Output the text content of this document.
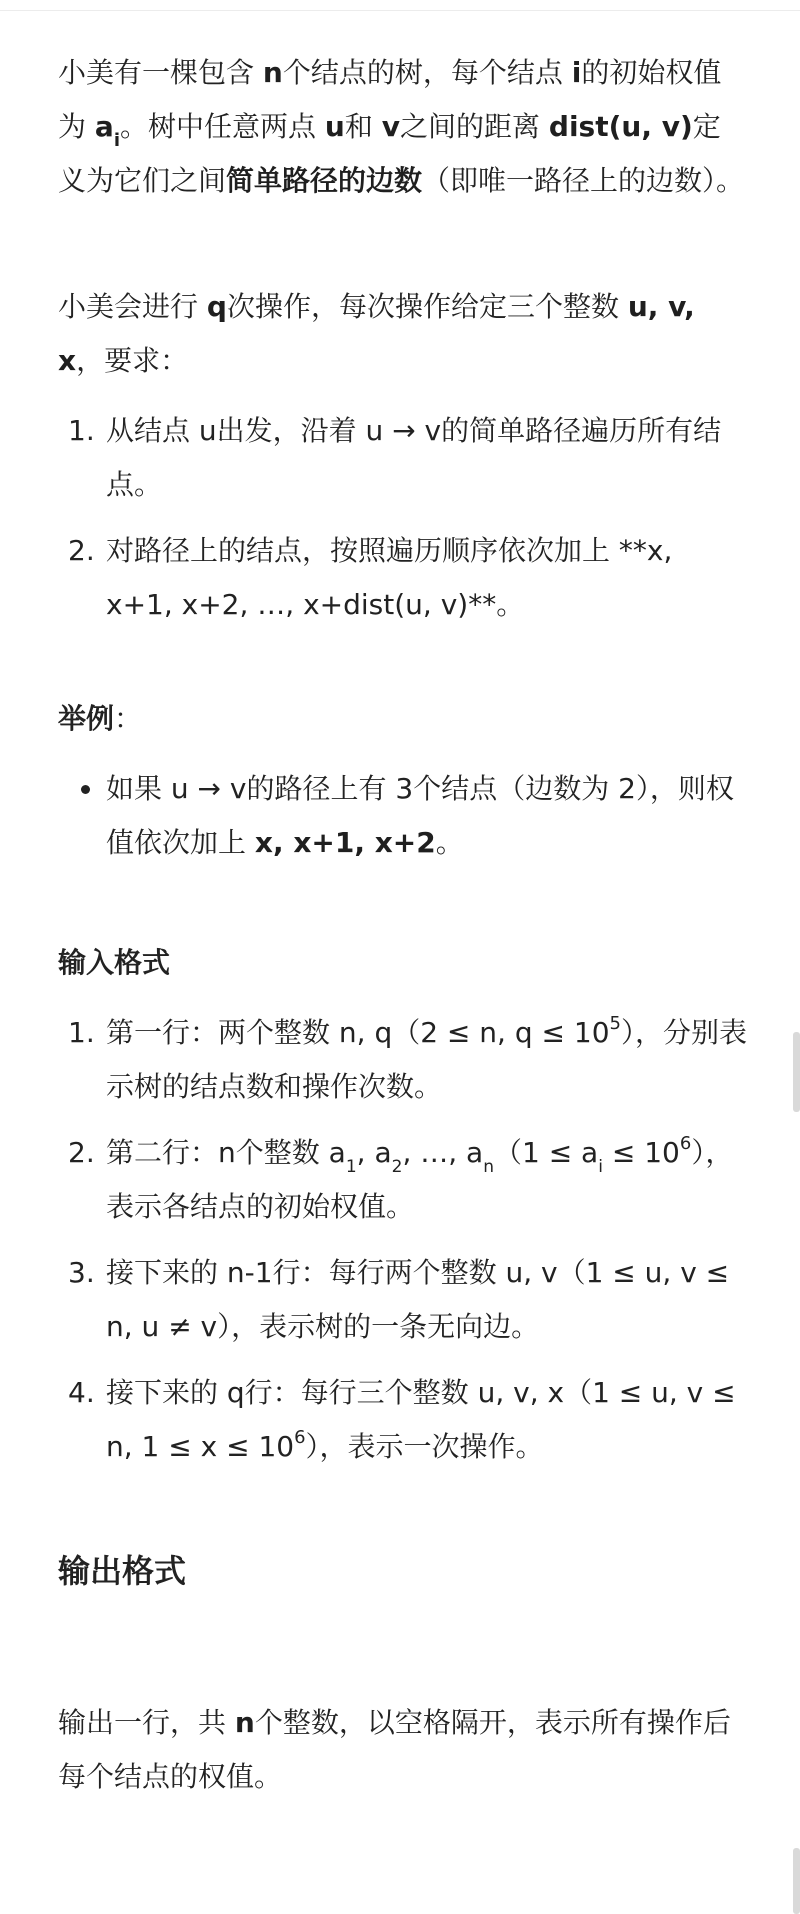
小美有一棵包含 n个结点的树，每个结点 i的初始权值为 $a_i$。树中任意两点 u和 v之间的距离 dist(u, v)定义为它们之间简单路径的边数（即唯一路径上的边数）。

小美会进行 q次操作，每次操作给定三个整数 u, v, x，要求：

1. 从结点 u出发，沿着 u → v的简单路径遍历所有结点。
2. 对路径上的结点，按照遍历顺序依次加上 **x, x+1, x+2, …, x+dist(u, v)**。

举例：

如果 u → v的路径上有 3个结点（边数为 2），则权值依次加上 x, x+1, x+2。

输入格式

1. 第一行：两个整数 n, q（2 ≤ n, $q \le 10^5$），分别表示树的结点数和操作次数。
2. 第二行：n个整数 $a_1$, $a_2$, …, $a_n(1 \le a_i \le 10^6)$，表示各结点的初始权值。
3. 接下来的 n-1行：每行两个整数 u, v（1 ≤ u, v ≤ n, u ≠ v），表示树的一条无向边。
4. 接下来的 q行：每行三个整数 u, v, x（1 ≤ u, v ≤ n, $1 \le x \le 10^6$），表示一次操作。

输出格式

输出一行，共 n个整数，以空格隔开，表示所有操作后每个结点的权值。
